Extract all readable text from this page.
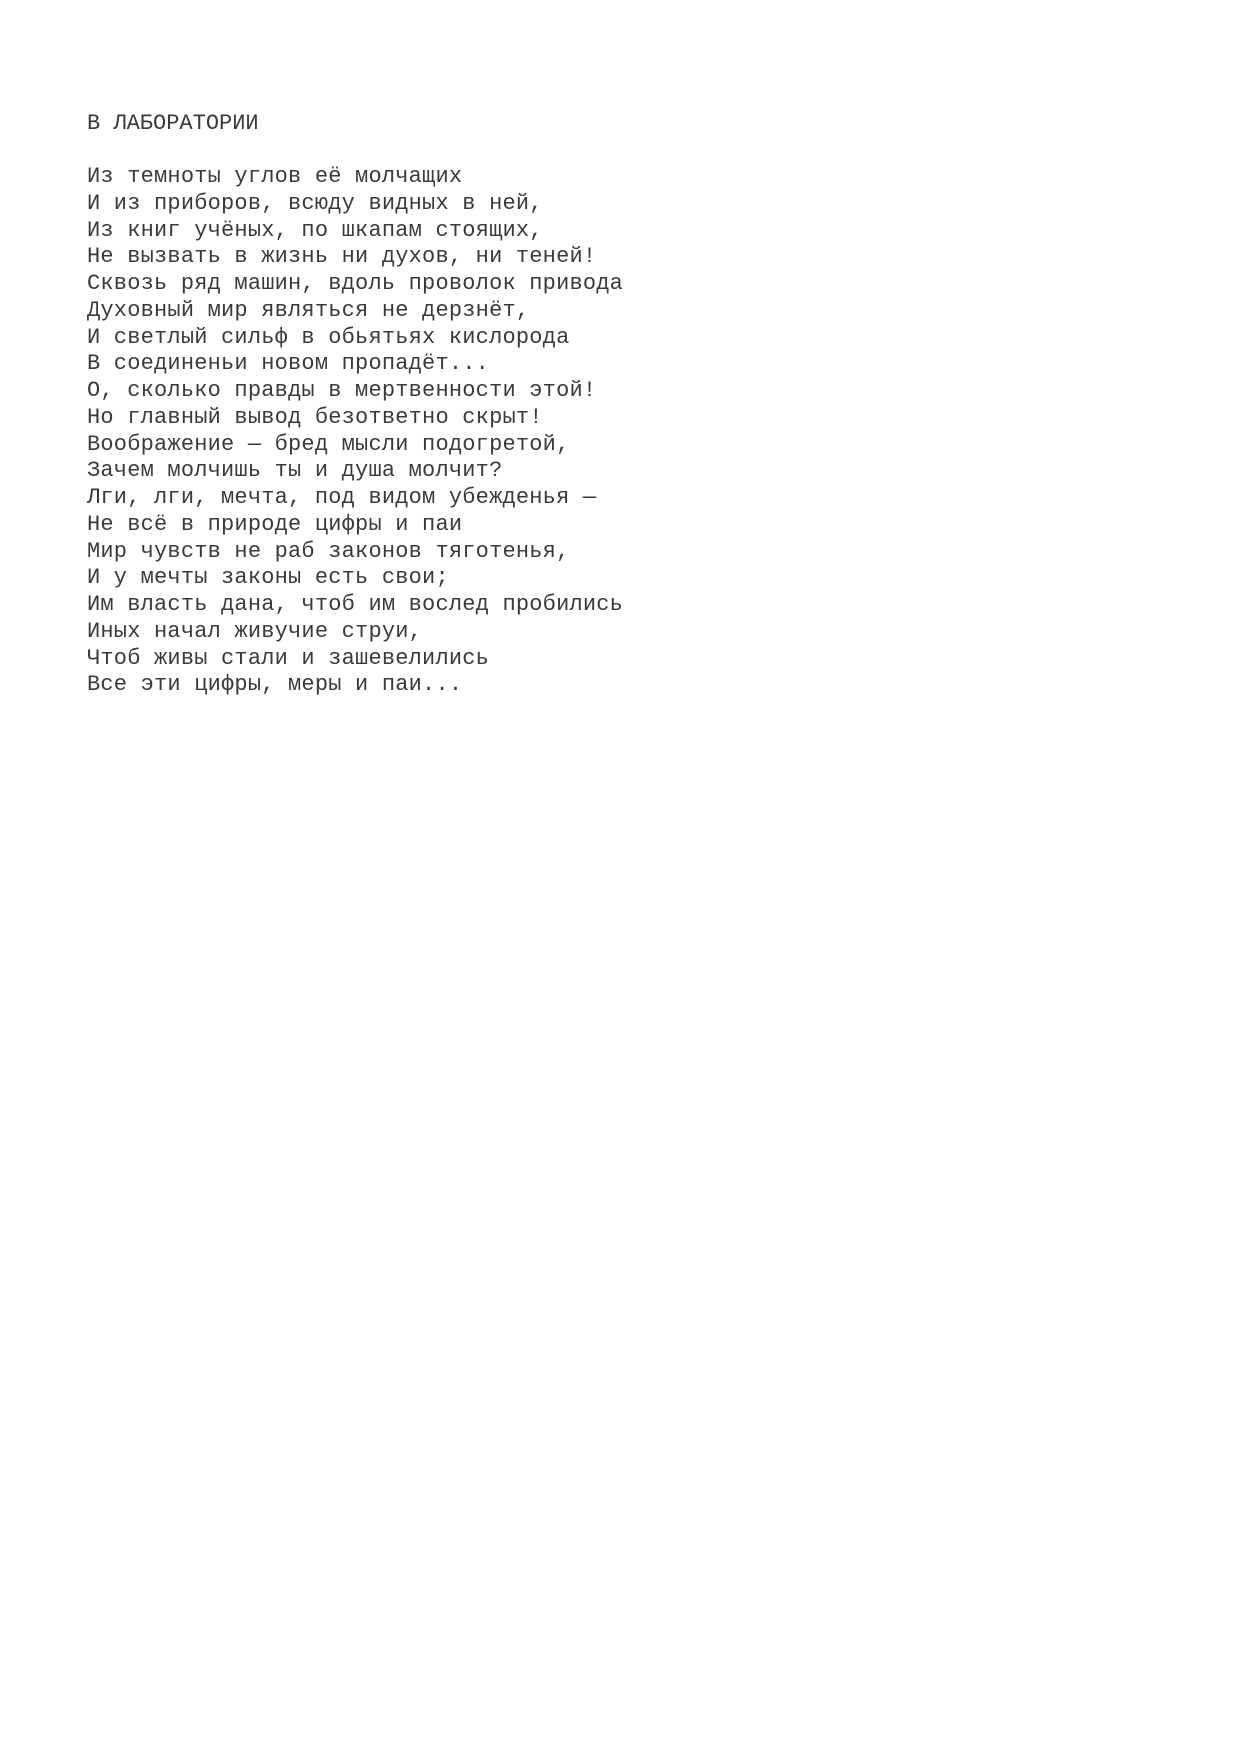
В ЛАБОРАТОРИИ
Из темноты углов её молчащих
И из приборов, всюду видных в ней,
Из книг учёных, по шкапам стоящих,
Не вызвать в жизнь ни духов, ни теней!
Сквозь ряд машин, вдоль проволок привода
Духовный мир являться не дерзнёт,
И светлый сильф в обьятьях кислорода
В соединеньи новом пропадёт...
О, сколько правды в мертвенности этой!
Но главный вывод безответно скрыт!
Воображение — бред мысли подогретой,
Зачем молчишь ты и душа молчит?
Лги, лги, мечта, под видом убежденья —
Не всё в природе цифры и паи
Мир чувств не раб законов тяготенья,
И у мечты законы есть свои;
Им власть дана, чтоб им вослед пробились
Иных начал живучие струи,
Чтоб живы стали и зашевелились
Все эти цифры, меры и паи...
